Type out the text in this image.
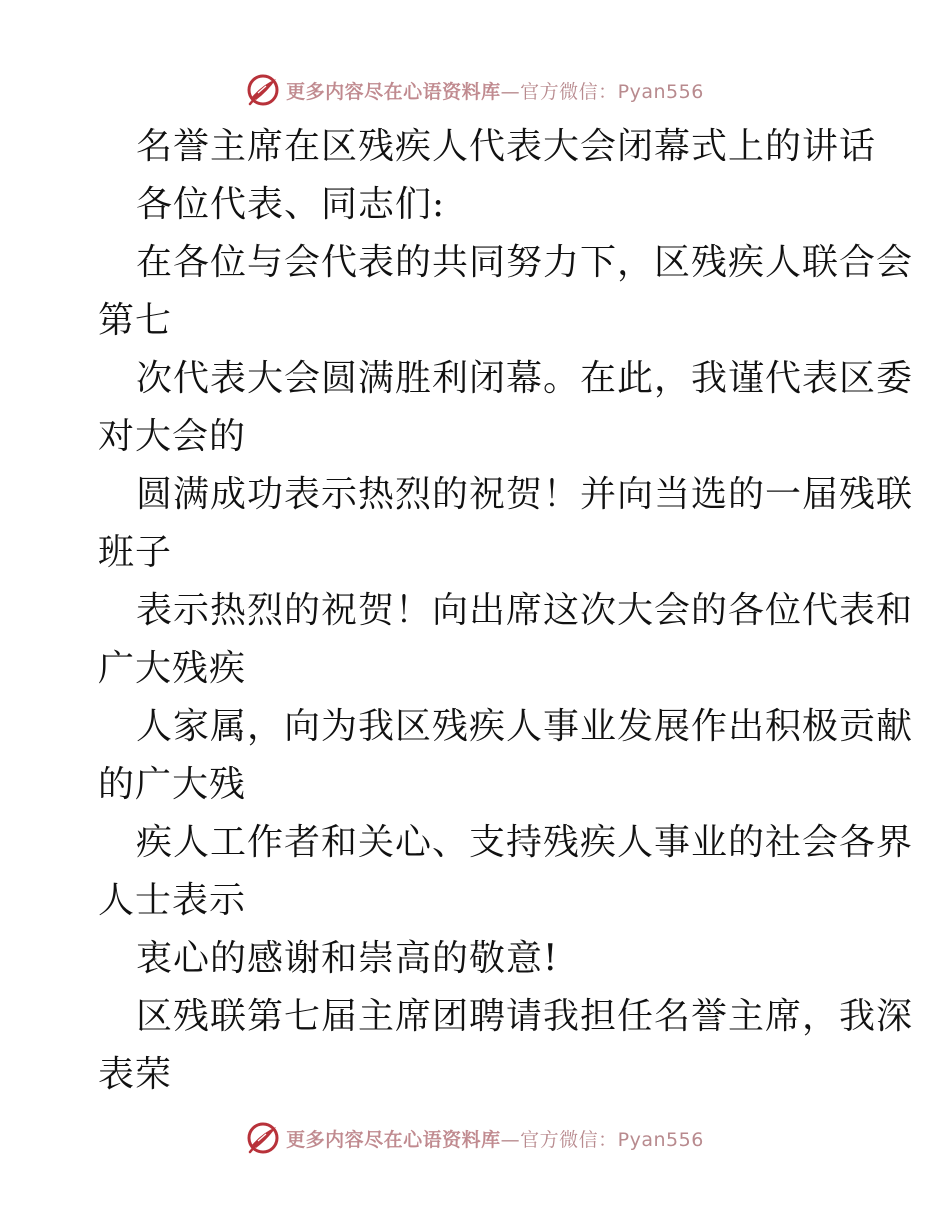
更多内容尽在心语资料库 —官方微信：Pyan556
名誉主席在区残疾人代表大会闭幕式上的讲话
各位代表、同志们:
在各位与会代表的共同努力下，区残疾人联合会
第七
次代表大会圆满胜利闭幕。在此，我谨代表区委
对大会的
圆满成功表示热烈的祝贺！并向当选的一届残联
班子
表示热烈的祝贺！向出席这次大会的各位代表和
广大残疾
人家属，向为我区残疾人事业发展作出积极贡献
的广大残
疾人工作者和关心、支持残疾人事业的社会各界
人士表示
衷心的感谢和崇高的敬意!
区残联第七届主席团聘请我担任名誉主席，我深
表荣
更多内容尽在心语资料库 —官方微信：Pyan556
